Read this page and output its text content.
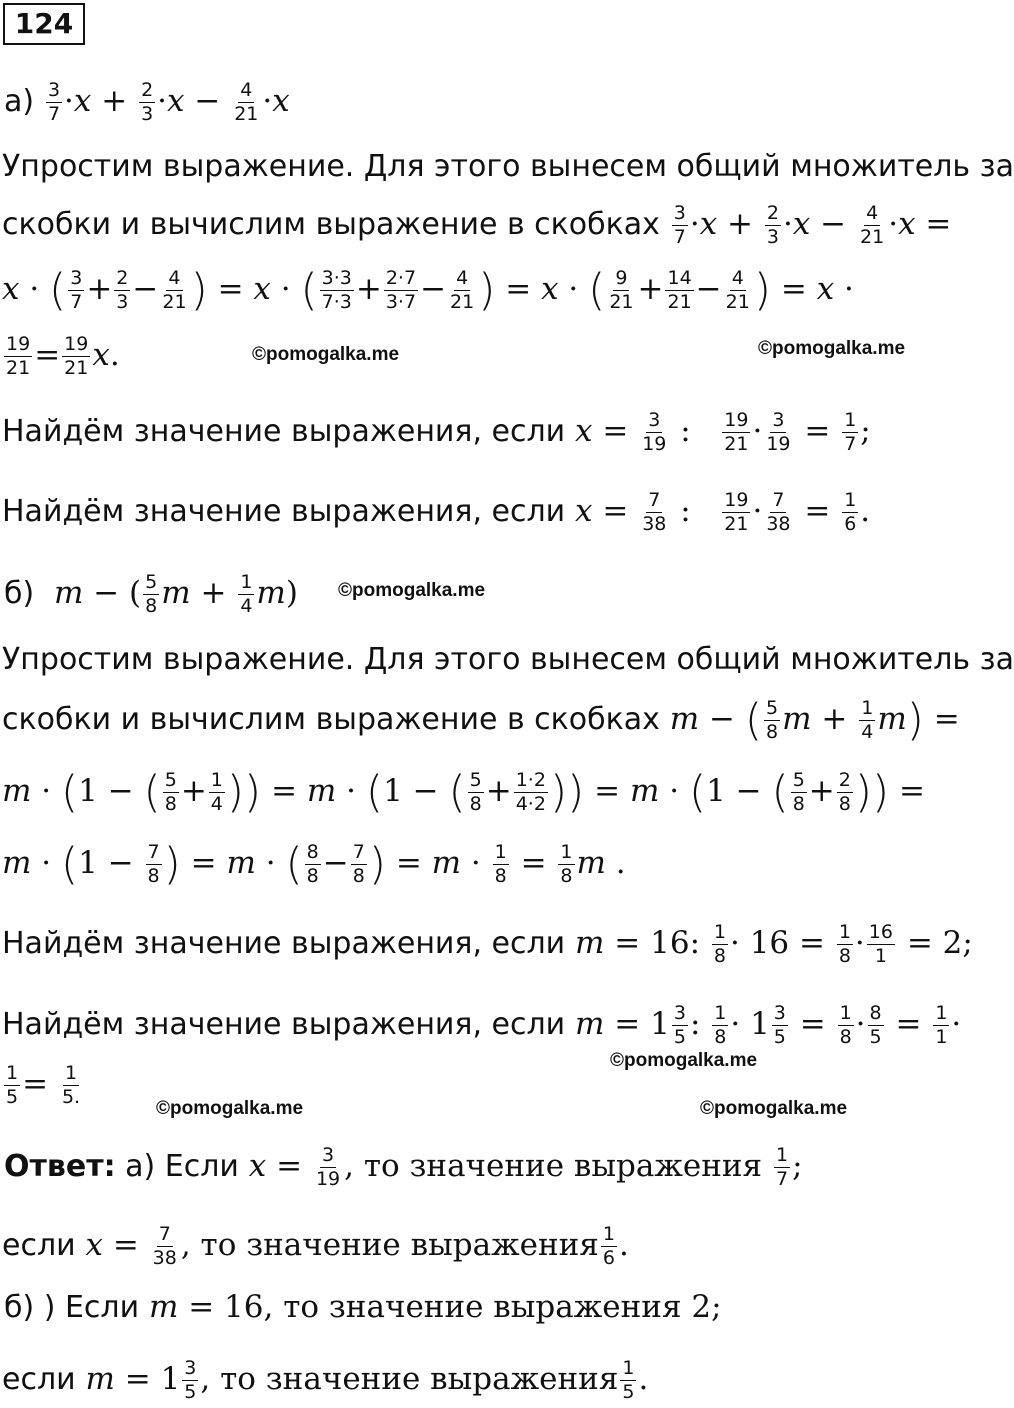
124
$а) \frac{3}{7} \cdot x + \frac{2}{3} \cdot x - \frac{4}{21} \cdot x$
Упростим выражение. Для этого вынесем общий множитель за
скобки и вычислим выражение в скобках $\frac{3}{7} \cdot x + \frac{2}{3} \cdot x - \frac{4}{21} \cdot x$ =
x · ( $\frac{3}{7} + \frac{2}{3} - \frac{4}{21}$ ) = x · ( $\frac{3\cdot 3}{7\cdot 3} + \frac{2\cdot 7}{3\cdot 7} - \frac{4}{21}$ ) = x · ( $\frac{9}{21} + \frac{14}{21} - \frac{4}{21}$ ) = x ·
$\frac{19}{21} = \frac{19}{21} x$.	©pomogalka.me	©pomogalka.me
Найдём значение выражения, если $x = \frac{3}{19}$ : $\frac{19}{21} \cdot \frac{3}{19} = \frac{1}{7}$ ;
Найдём значение выражения, если $x = \frac{7}{38}$ : $\frac{19}{21} \cdot \frac{7}{38} = \frac{1}{6}$ .
б) m − ( $\frac{5}{8}$ $m + \frac{1}{4} m$) ©pomogalka.me
Упростим выражение. Для этого вынесем общий множитель за
скобки и вычислим выражение в скобках m − ( $\frac{5}{8}$ $m + \frac{1}{4} m$) =
m · (1 − ( $\frac{5}{8} + \frac{1}{4}$ )) = m · (1 − ( $\frac{5}{8} + \frac{1\cdot 2}{4\cdot 2}$ )) = m · (1 − ( $\frac{5}{8} + \frac{2}{8}$ )) =
$m \cdot (1 - \frac{7}{8}$ ) = m · ( $\frac{8}{8} - \frac{7}{8}$ ) = $m \cdot \frac{1}{8} = \frac{1}{8}$ m .
Найдём значение выражения, если m = 16: $\frac{1}{8} \cdot 16 = \frac{1}{8} \cdot \frac{16}{1} = 2$;
Найдём значение выражения, если $m = 1 \frac{3}{5}$ : $\frac{1}{8} \cdot 1 \frac{3}{5} = \frac{1}{8} \cdot \frac{8}{5} = \frac{1}{1}$ ·
©pomogalka.me
$\frac{1}{5} = \frac{1}{5.}$
©pomogalka.me	©pomogalka.me
Ответ: а) Если $x = \frac{3}{19}$ , то значение выражения $\frac{1}{7}$ ;
если $x = \frac{7}{38}$ , то значение выражения $\frac{1}{6}$ .
б) ) Если m = 16, то значение выражения 2;
если $m = 1 \frac{3}{5}$ , то значение выражения $\frac{1}{5}$ .
